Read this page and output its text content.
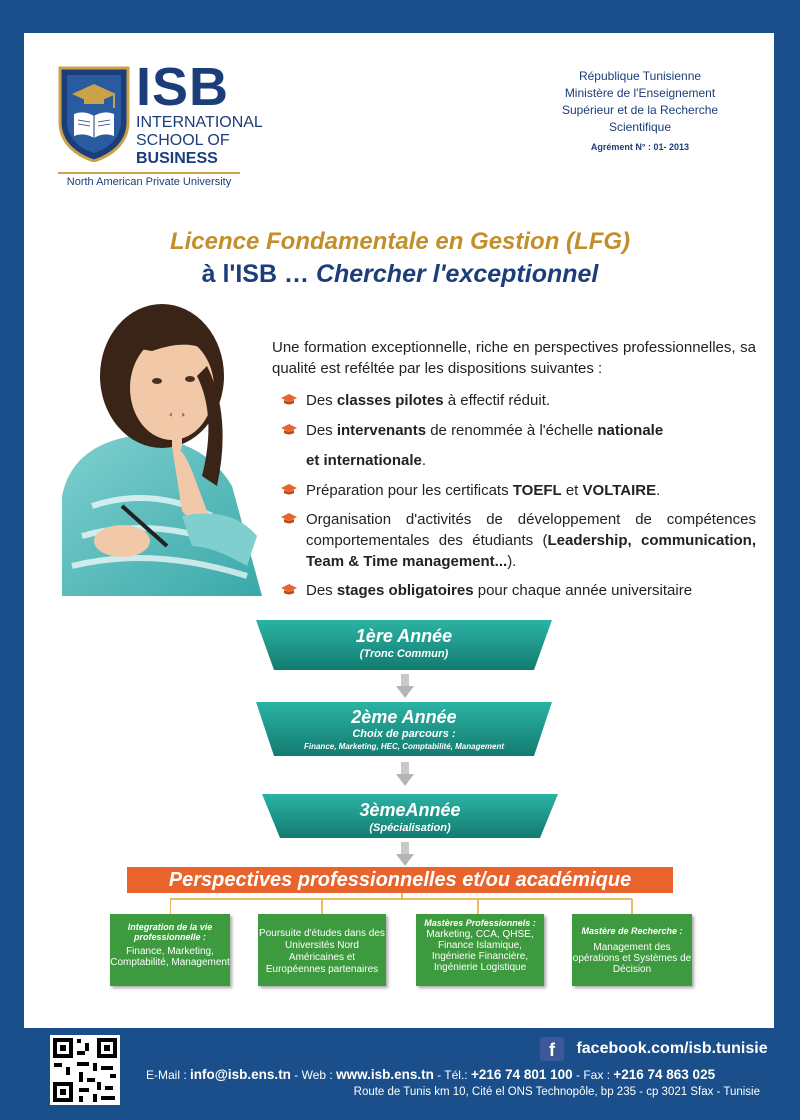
ISB
INTERNATIONAL
SCHOOL OF
BUSINESS
North American Private University
République Tunisienne
Ministère de l'Enseignement
Supérieur et de la Recherche
Scientifique
Agrément N° : 01- 2013
Licence Fondamentale en Gestion (LFG)
à l'ISB … Chercher l'exceptionnel
Une formation exceptionnelle, riche en perspectives professionnelles, sa qualité est reféltée par les dispositions suivantes :
Des classes pilotes à effectif réduit.
Des intervenants de renommée à l'échelle nationale
et internationale.
Préparation pour les certificats TOEFL et VOLTAIRE.
Organisation d'activités de développement de compétences comportementales des étudiants (Leadership, communication, Team & Time management...).
Des stages obligatoires pour chaque année universitaire
1ère Année
(Tronc Commun)
2ème Année
Choix de parcours :
Finance, Marketing, HEC, Comptabilité, Management
3èmeAnnée
(Spécialisation)
Perspectives professionnelles et/ou académique
Integration de la vie professionnelle :
Finance, Marketing, Comptabilité, Management
Poursuite d'études dans des Universités Nord Américaines et Européennes partenaires
Mastères Professionnels :
Marketing, CCA, QHSE, Finance Islamique, Ingénierie Financière, Ingénierie Logistique
Mastère de Recherche :
Management des opérations et Systèmes de Décision
f facebook.com/isb.tunisie
E-Mail : info@isb.ens.tn - Web : www.isb.ens.tn - Tél.: +216 74 801 100 - Fax : +216 74 863 025
Route de Tunis km 10, Cité el ONS Technopôle, bp 235 - cp 3021 Sfax - Tunisie
